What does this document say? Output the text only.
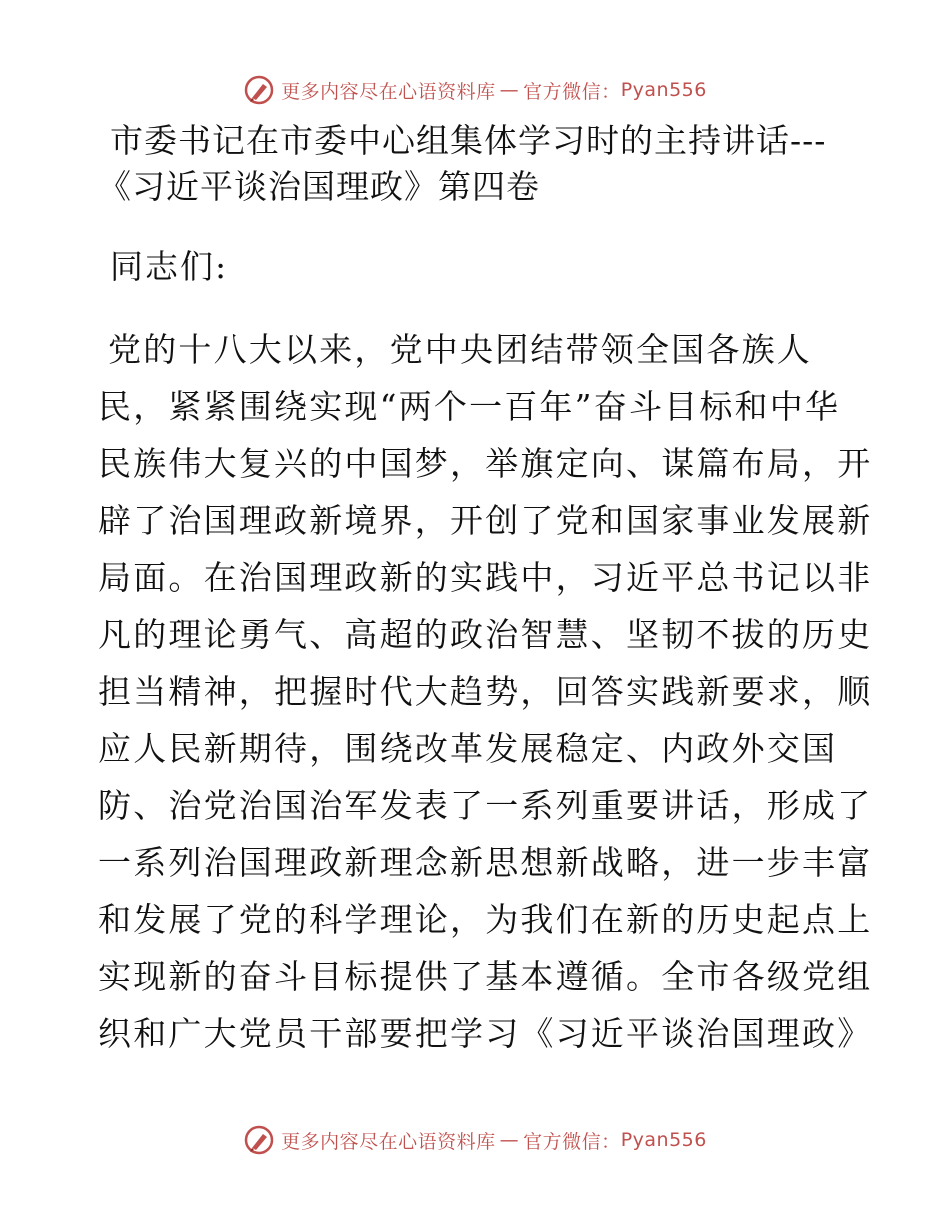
更多内容尽在心语资料库 — 官方微信： Pyan556
市委书记在市委中心组集体学习时的主持讲话---
《习近平谈治国理政》第四卷
同志们:
党的十八大以来，党中央团结带领全国各族人
民，紧紧围绕实现“两个一百年”奋斗目标和中华
民族伟大复兴的中国梦，举旗定向、谋篇布局，开
辟了治国理政新境界，开创了党和国家事业发展新
局面。在治国理政新的实践中，习近平总书记以非
凡的理论勇气、高超的政治智慧、坚韧不拔的历史
担当精神，把握时代大趋势，回答实践新要求，顺
应人民新期待，围绕改革发展稳定、内政外交国
防、治党治国治军发表了一系列重要讲话，形成了
一系列治国理政新理念新思想新战略，进一步丰富
和发展了党的科学理论，为我们在新的历史起点上
实现新的奋斗目标提供了基本遵循。全市各级党组
织和广大党员干部要把学习《习近平谈治国理政》
更多内容尽在心语资料库 — 官方微信： Pyan556
